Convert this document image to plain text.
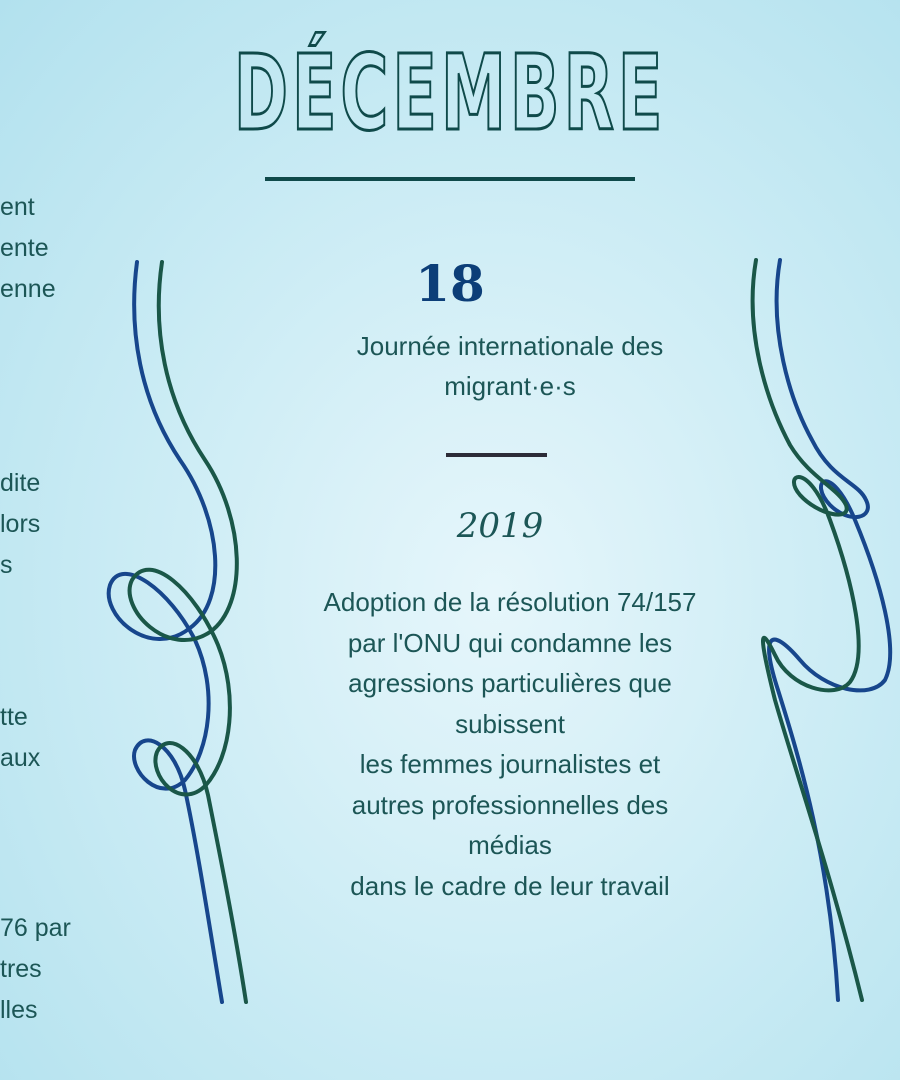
DÉCEMBRE
ent
ente
enne
dite
lors
s
tte
aux
76 par
tres
lles
18
Journée internationale des
migrant·e·s
2019
Adoption de la résolution 74/157
par l'ONU qui condamne les
agressions particulières que
subissent
les femmes journalistes et
autres professionnelles des
médias
dans le cadre de leur travail
